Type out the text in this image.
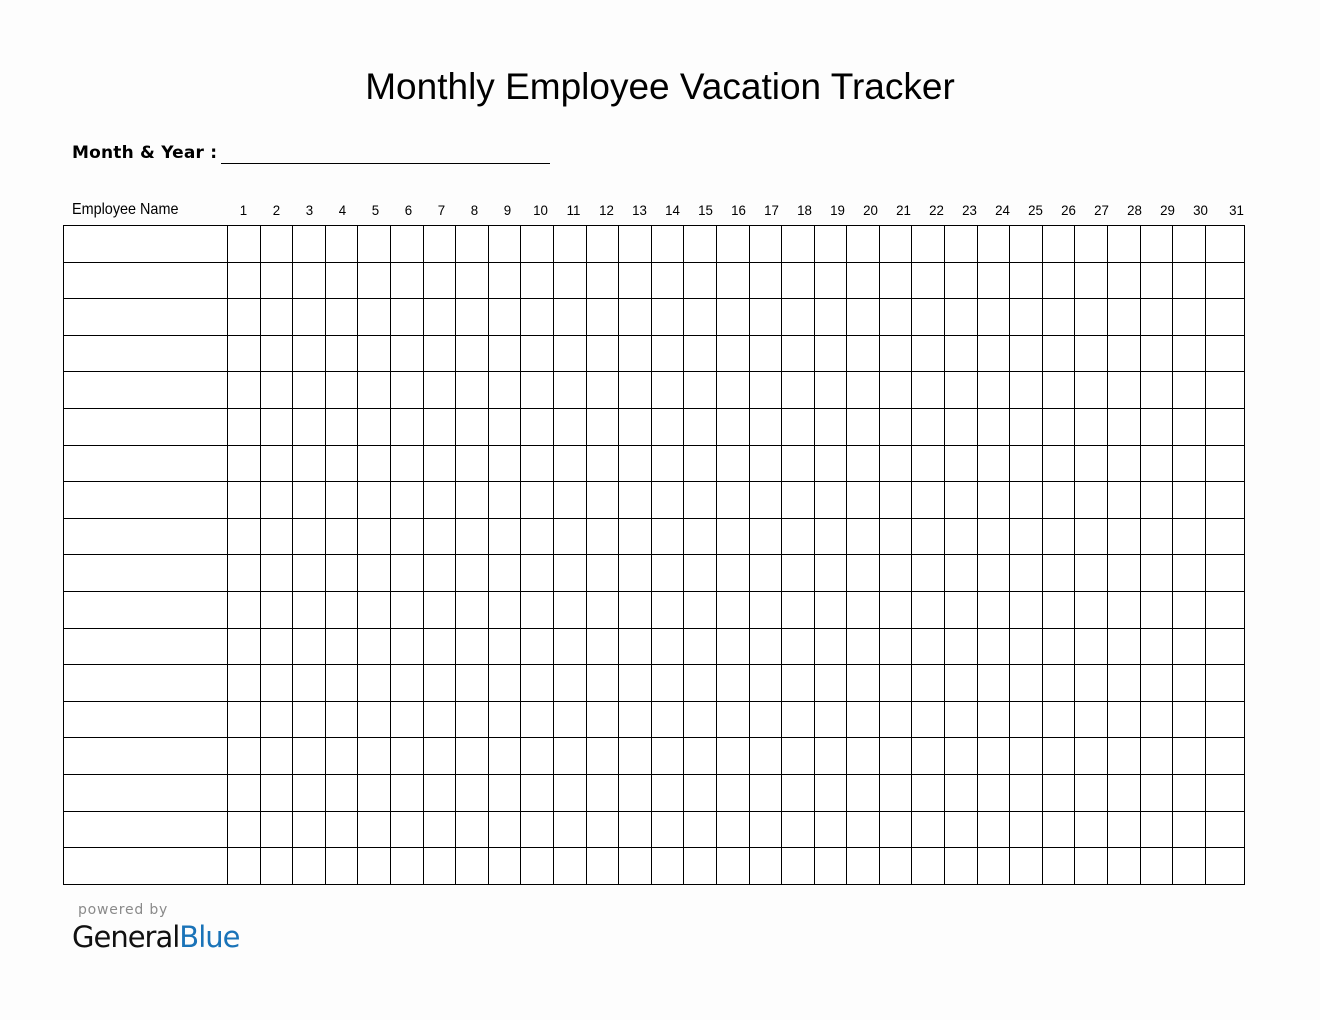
Monthly Employee Vacation Tracker
Month & Year :
Employee Name	1	2	3	4	5	6	7	8	9	10	11	12	13	14	15	16	17	18	19	20	21	22	23	24	25	26	27	28	29	30	31

powered by
GeneralBlue
